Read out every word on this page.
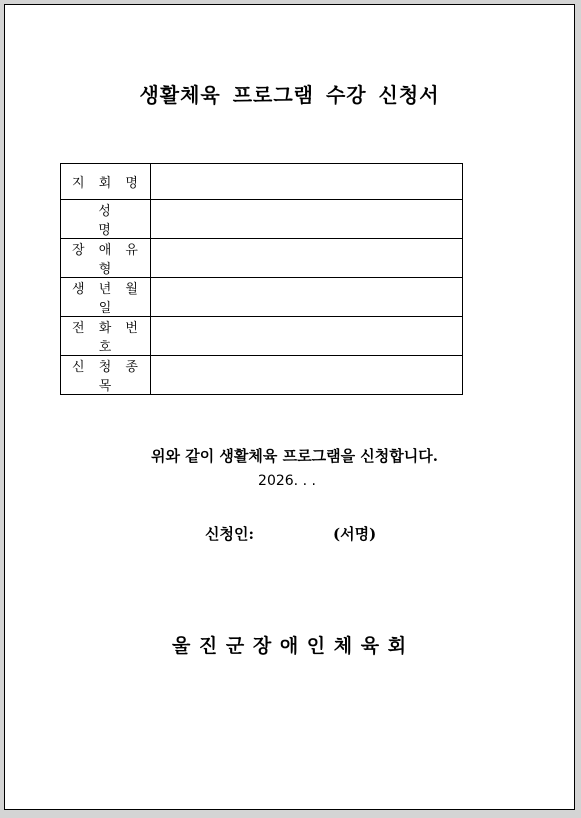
생활체육 프로그램 수강 신청서
지 회 명	
성 명	
장 애 유 형	
생 년 월 일	
전 화 번 호	
신 청 종 목	
위와 같이 생활체육 프로그램을 신청합니다.
2026. . .
신청인:	(서명)
울 진 군 장 애 인 체 육 회
